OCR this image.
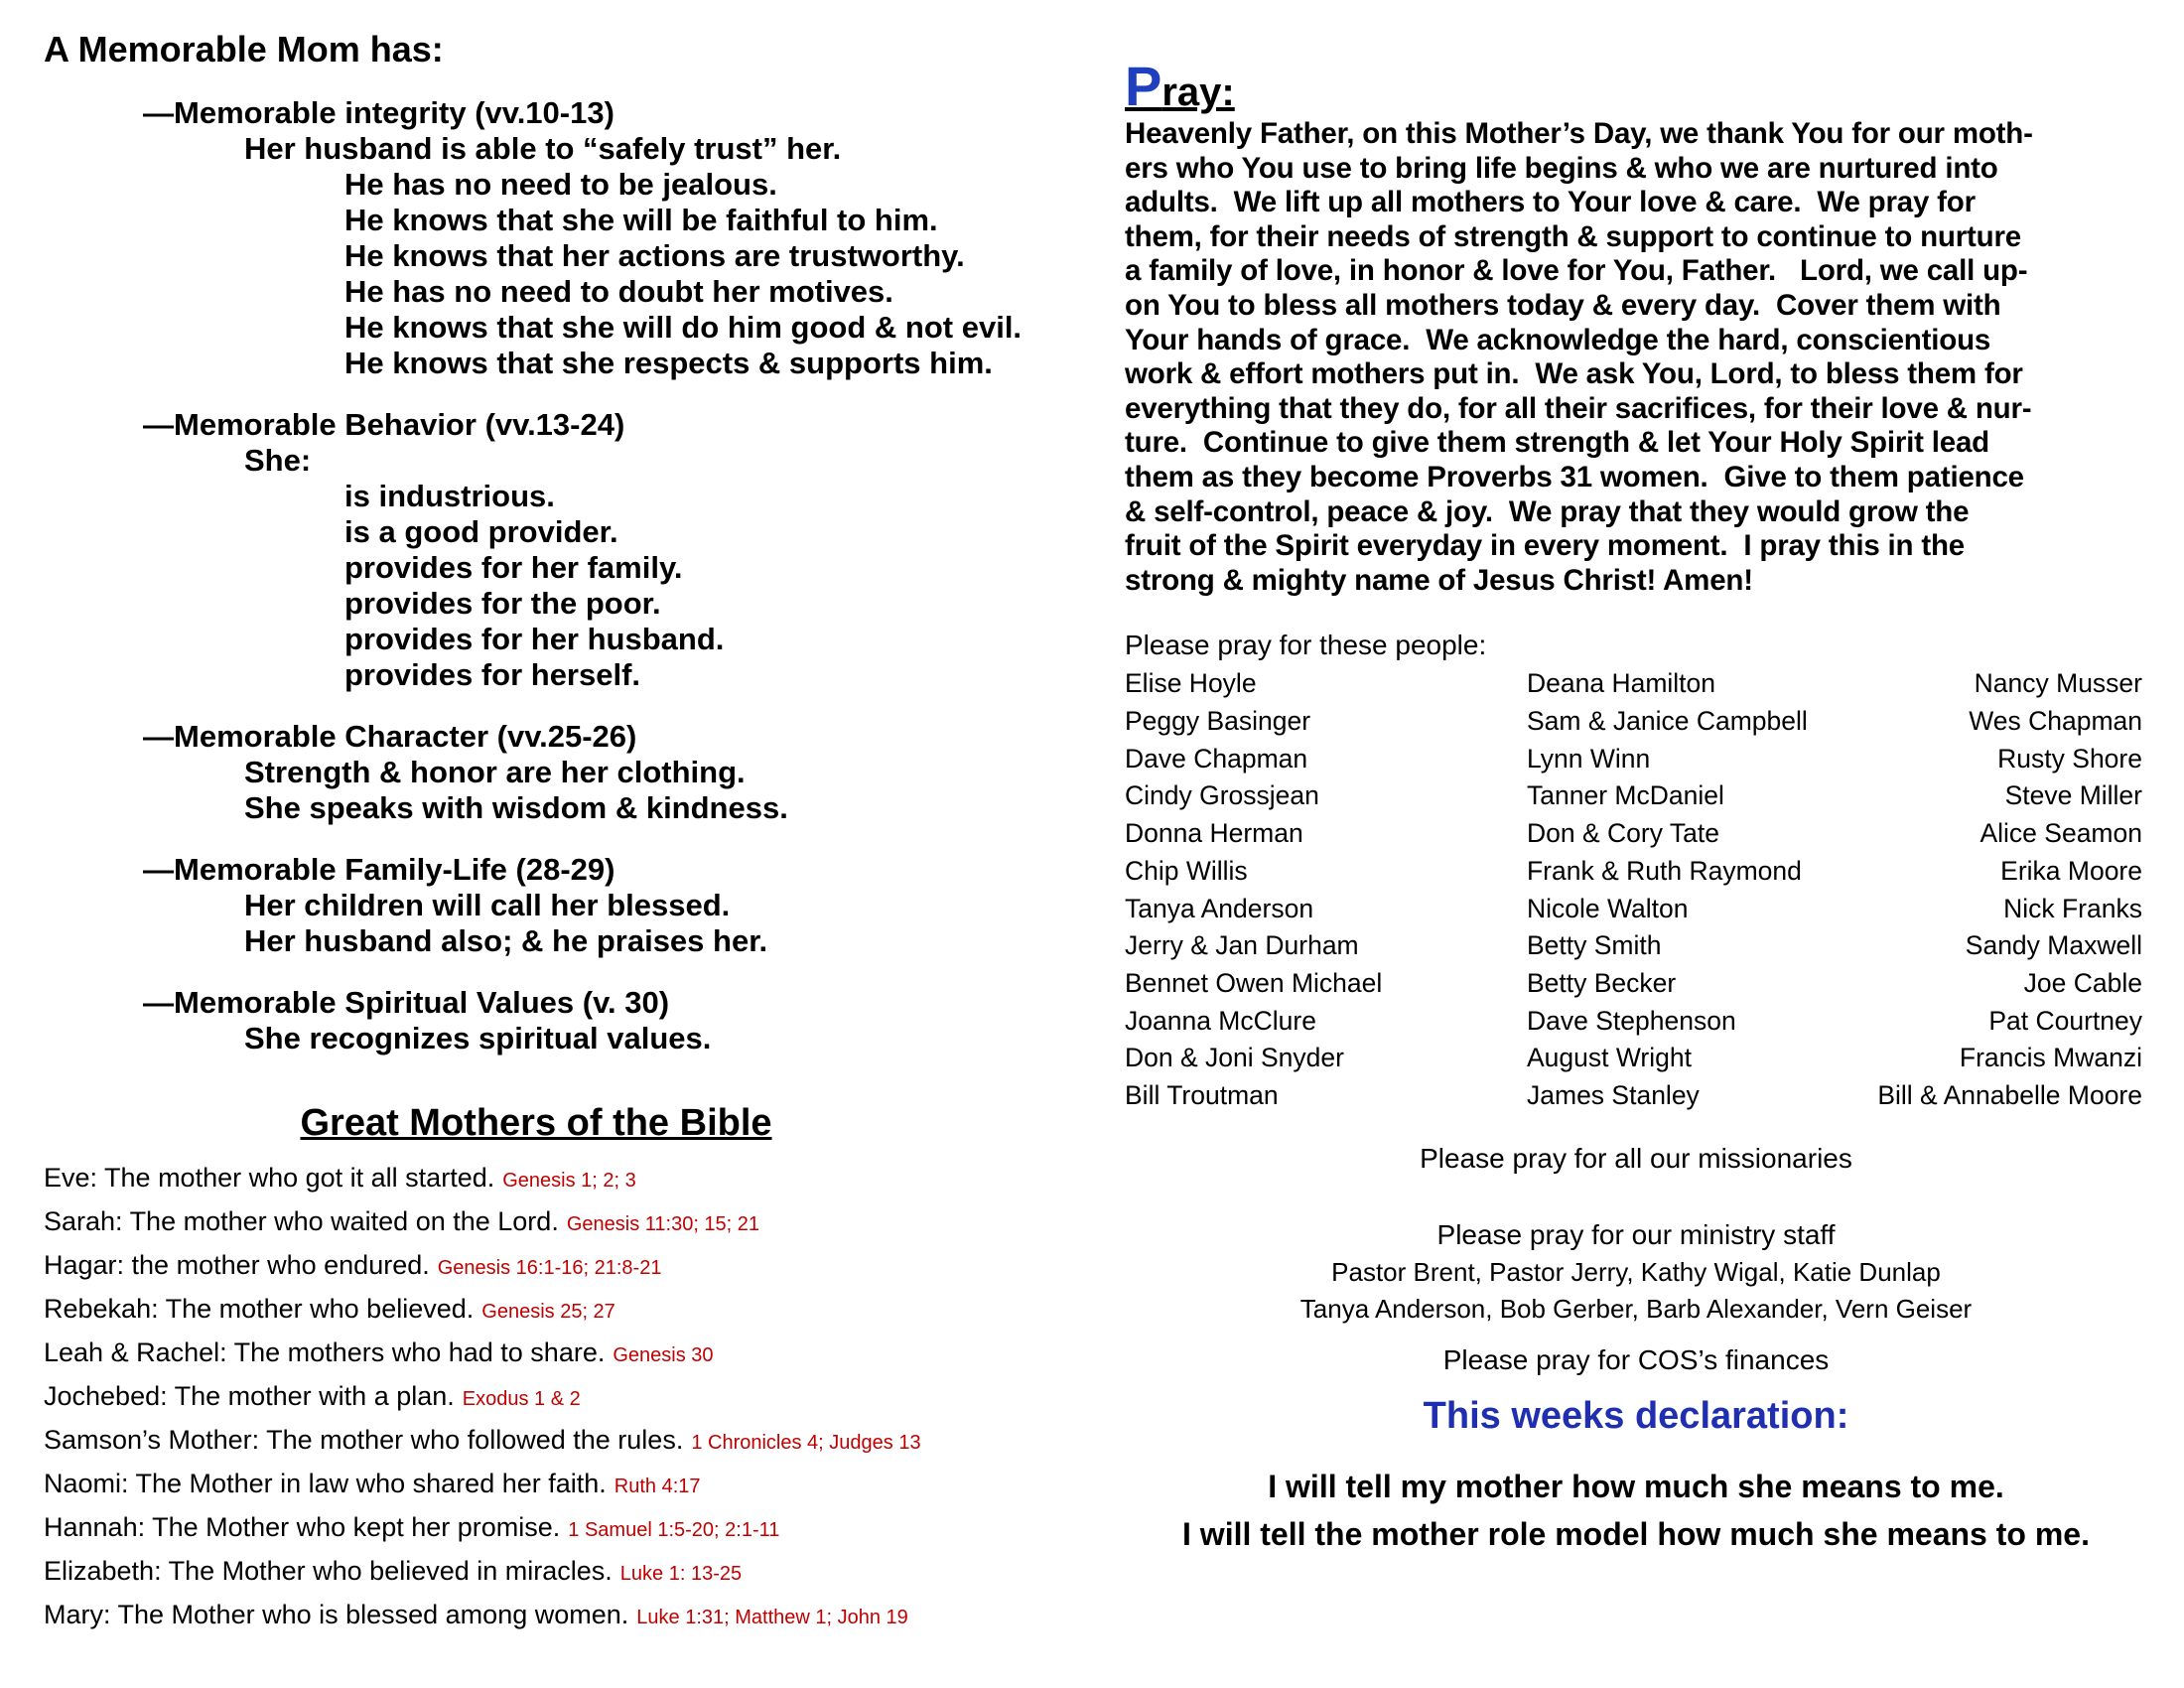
A Memorable Mom has:
—Memorable integrity (vv.10-13)
Her husband is able to “safely trust” her.
He has no need to be jealous.
He knows that she will be faithful to him.
He knows that her actions are trustworthy.
He has no need to doubt her motives.
He knows that she will do him good & not evil.
He knows that she respects & supports him.
—Memorable Behavior (vv.13-24)
She:
is industrious.
is a good provider.
provides for her family.
provides for the poor.
provides for her husband.
provides for herself.
—Memorable Character (vv.25-26)
Strength & honor are her clothing.
She speaks with wisdom & kindness.
—Memorable Family-Life (28-29)
Her children will call her blessed.
Her husband also; & he praises her.
—Memorable Spiritual Values (v. 30)
She recognizes spiritual values.
Great Mothers of the Bible
Eve: The mother who got it all started. Genesis 1; 2; 3
Sarah: The mother who waited on the Lord. Genesis 11:30; 15; 21
Hagar: the mother who endured. Genesis 16:1-16; 21:8-21
Rebekah: The mother who believed. Genesis 25; 27
Leah & Rachel: The mothers who had to share. Genesis 30
Jochebed: The mother with a plan. Exodus 1 & 2
Samson’s Mother: The mother who followed the rules. 1 Chronicles 4; Judges 13
Naomi: The Mother in law who shared her faith. Ruth 4:17
Hannah: The Mother who kept her promise. 1 Samuel 1:5-20; 2:1-11
Elizabeth: The Mother who believed in miracles. Luke 1: 13-25
Mary: The Mother who is blessed among women. Luke 1:31; Matthew 1; John 19
Pray:
Heavenly Father, on this Mother’s Day, we thank You for our moth-
ers who You use to bring life begins & who we are nurtured into
adults.  We lift up all mothers to Your love & care.  We pray for
them, for their needs of strength & support to continue to nurture
a family of love, in honor & love for You, Father.   Lord, we call up-
on You to bless all mothers today & every day.  Cover them with
Your hands of grace.  We acknowledge the hard, conscientious
work & effort mothers put in.  We ask You, Lord, to bless them for
everything that they do, for all their sacrifices, for their love & nur-
ture.  Continue to give them strength & let Your Holy Spirit lead
them as they become Proverbs 31 women.  Give to them patience
& self-control, peace & joy.  We pray that they would grow the
fruit of the Spirit everyday in every moment.  I pray this in the
strong & mighty name of Jesus Christ! Amen!
Please pray for these people:
Elise Hoyle	Deana Hamilton	Nancy Musser
Peggy Basinger	Sam & Janice Campbell	Wes Chapman
Dave Chapman	Lynn Winn	Rusty Shore
Cindy Grossjean	Tanner McDaniel	Steve Miller
Donna Herman	Don & Cory Tate	Alice Seamon
Chip Willis	Frank & Ruth Raymond	Erika Moore
Tanya Anderson	Nicole Walton	Nick Franks
Jerry & Jan Durham	Betty Smith	Sandy Maxwell
Bennet Owen Michael	Betty Becker	Joe Cable
Joanna McClure	Dave Stephenson	Pat Courtney
Don & Joni Snyder	August Wright	Francis Mwanzi
Bill Troutman	James Stanley	Bill & Annabelle Moore
Please pray for all our missionaries
Please pray for our ministry staff
Pastor Brent, Pastor Jerry, Kathy Wigal, Katie Dunlap
Tanya Anderson, Bob Gerber, Barb Alexander, Vern Geiser
Please pray for COS’s finances
This weeks declaration:
I will tell my mother how much she means to me.
I will tell the mother role model how much she means to me.
